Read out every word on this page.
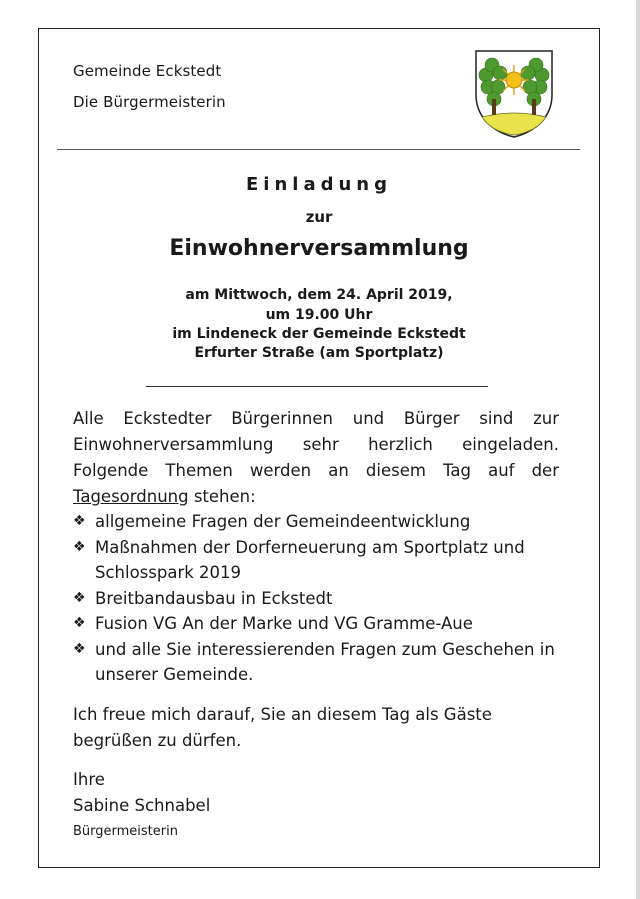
Gemeinde Eckstedt
Die Bürgermeisterin
Einladung
zur
Einwohnerversammlung
am Mittwoch, dem 24. April 2019,
um 19.00 Uhr
im Lindeneck der Gemeinde Eckstedt
Erfurter Straße (am Sportplatz)
Alle Eckstedter Bürgerinnen und Bürger sind zur
Einwohnerversammlung sehr herzlich eingeladen.
Folgende Themen werden an diesem Tag auf der
Tagesordnung stehen:
❖ allgemeine Fragen der Gemeindeentwicklung
❖ Maßnahmen der Dorferneuerung am Sportplatz und Schlosspark 2019
❖ Breitbandausbau in Eckstedt
❖ Fusion VG An der Marke und VG Gramme-Aue
❖ und alle Sie interessierenden Fragen zum Geschehen in unserer Gemeinde.
Ich freue mich darauf, Sie an diesem Tag als Gäste begrüßen zu dürfen.
Ihre
Sabine Schnabel
Bürgermeisterin
